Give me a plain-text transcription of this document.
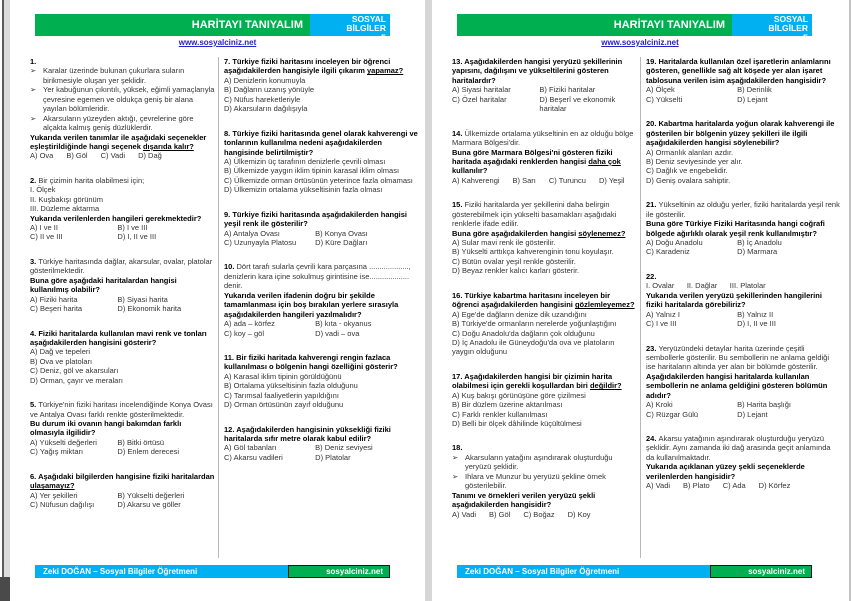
HARİTAYI TANIYALIM	SOSYAL BİLGİLER
5
www.sosyalciniz.net
1.
➢ Karalar üzerinde bulunan çukurlara suların birikmesiyle oluşan yer şeklidir.
➢ Yer kabuğunun çıkıntılı, yüksek, eğimli yamaçlarıyla çevresine egemen ve oldukça geniş bir alana yayılan bölümleridir.
➢ Akarsuların yüzeyden aktığı, çevrelerine göre alçakta kalmış geniş düzlüklerdir.
Yukarıda verilen tanımlar ile aşağıdaki seçenekler eşleştirildiğinde hangi seçenek dışarıda kalır?
A) Ova B) Göl C) Vadi D) Dağ
2. Bir çizimin harita olabilmesi için;
I. Ölçek
II. Kuşbakışı görünüm
III. Düzleme aktarma
Yukarıda verilenlerden hangileri gerekmektedir?
A) I ve II	B) I ve III
C) II ve III	D) I, II ve III
3. Türkiye haritasında dağlar, akarsular, ovalar, platolar gösterilmektedir.
Buna göre aşağıdaki haritalardan hangisi kullanılmış olabilir?
A) Fiziki harita	B) Siyasi harita
C) Beşeri harita	D) Ekonomik harita
4. Fiziki haritalarda kullanılan mavi renk ve tonları aşağıdakilerden hangisini gösterir?
A) Dağ ve tepeleri
B) Ova ve platoları
C) Deniz, göl ve akarsuları
D) Orman, çayır ve meraları
5. Türkiye'nin fiziki haritası incelendiğinde Konya Ovası ve Antalya Ovası farklı renkte gösterilmektedir.
Bu durum iki ovanın hangi bakımdan farklı olmasıyla ilgilidir?
A) Yükselti değerleri	B) Bitki örtüsü
C) Yağış miktarı	D) Enlem derecesi
6. Aşağıdaki bilgilerden hangisine fiziki haritalardan ulaşamayız?
A) Yer şekilleri	B) Yükselti değerleri
C) Nüfusun dağılışı	D) Akarsu ve göller
7. Türkiye fiziki haritasını inceleyen bir öğrenci aşağıdakilerden hangisiyle ilgili çıkarım yapamaz?
A) Denizlerin konumuyla
B) Dağların uzanış yönüyle
C) Nüfus hareketleriyle
D) Akarsuların dağılışıyla
8. Türkiye fiziki haritasında genel olarak kahverengi ve tonlarının kullanılma nedeni aşağıdakilerden hangisinde belirtilmiştir?
A) Ülkemizin üç tarafının denizlerle çevrili olması
B) Ülkemizde yaygın iklim tipinin karasal iklim olması
C) Ülkemizde orman örtüsünün yeterince fazla olmaması
D) Ülkemizin ortalama yükseltisinin fazla olması
9. Türkiye fiziki haritasında aşağıdakilerden hangisi yeşil renk ile gösterilir?
A) Antalya Ovası	B) Konya Ovası
C) Uzunyayla Platosu	D) Küre Dağları
10. Dört tarafı sularla çevrili kara parçasına ..................., denizlerin kara içine sokulmuş girintisine ise................... denir.
Yukarıda verilen ifadenin doğru bir şekilde tamamlanması için boş bırakılan yerlere sırasıyla aşağıdakilerden hangileri yazılmalıdır?
A) ada – körfez	B) kıta - okyanus
C) koy – göl	D) vadi – ova
11. Bir fiziki haritada kahverengi rengin fazlaca kullanılması o bölgenin hangi özelliğini gösterir?
A) Karasal iklim tipinin görüldüğünü
B) Ortalama yükseltisinin fazla olduğunu
C) Tarımsal faaliyetlerin yapıldığını
D) Orman örtüsünün zayıf olduğunu
12. Aşağıdakilerden hangisinin yüksekliği fiziki haritalarda sıfır metre olarak kabul edilir?
A) Göl tabanları	B) Deniz seviyesi
C) Akarsu vadileri	D) Platolar
Zeki DOĞAN – Sosyal Bilgiler Öğretmeni	sosyalciniz.net
HARİTAYI TANIYALIM	SOSYAL BİLGİLER
5
www.sosyalciniz.net
13. Aşağıdakilerden hangisi yeryüzü şekillerinin yapısını, dağılışını ve yükseltilerini gösteren haritalardır?
A) Siyasi haritalar	B) Fiziki haritalar
C) Özel haritalar	D) Beşerî ve ekonomik haritalar
14. Ülkemizde ortalama yükseltinin en az olduğu bölge Marmara Bölgesi'dir.
Buna göre Marmara Bölgesi'ni gösteren fiziki haritada aşağıdaki renklerden hangisi daha çok kullanılır?
A) Kahverengi B) Sarı C) Turuncu D) Yeşil
15. Fiziki haritalarda yer şekillerini daha belirgin gösterebilmek için yükselti basamakları aşağıdaki renklerle ifade edilir.
Buna göre aşağıdakilerden hangisi söylenemez?
A) Sular mavi renk ile gösterilir.
B) Yükselti arttıkça kahverenginin tonu koyulaşır.
C) Bütün ovalar yeşil renkle gösterilir.
D) Beyaz renkler kalıcı karları gösterir.
16. Türkiye kabartma haritasını inceleyen bir öğrenci aşağıdakilerden hangisini gözlemleyemez?
A) Ege'de dağların denize dik uzandığını
B) Türkiye'de ormanların nerelerde yoğunlaştığını
C) Doğu Anadolu'da dağların çok olduğunu
D) İç Anadolu ile Güneydoğu'da ova ve platoların yaygın olduğunu
17. Aşağıdakilerden hangisi bir çizimin harita olabilmesi için gerekli koşullardan biri değildir?
A) Kuş bakışı görünüşüne göre çizilmesi
B) Bir düzlem üzerine aktarılması
C) Farklı renkler kullanılması
D) Belli bir ölçek dâhilinde küçültülmesi
18.
➢ Akarsuların yatağını aşındırarak oluşturduğu yeryüzü şeklidir.
➢ Ihlara ve Munzur bu yeryüzü şekline örnek gösterilebilir.
Tanımı ve örnekleri verilen yeryüzü şekli aşağıdakilerden hangisidir?
A) Vadi B) Göl C) Boğaz D) Koy
19. Haritalarda kullanılan özel işaretlerin anlamlarını gösteren, genellikle sağ alt köşede yer alan işaret tablosuna verilen isim aşağıdakilerden hangisidir?
A) Ölçek	B) Derinlik
C) Yükselti	D) Lejant
20. Kabartma haritalarda yoğun olarak kahverengi ile gösterilen bir bölgenin yüzey şekilleri ile ilgili aşağıdakilerden hangisi söylenebilir?
A) Ormanlık alanları azdır.
B) Deniz seviyesinde yer alır.
C) Dağlık ve engebelidir.
D) Geniş ovalara sahiptir.
21. Yükseltinin az olduğu yerler, fiziki haritalarda yeşil renk ile gösterilir.
Buna göre Türkiye Fiziki Haritasında hangi coğrafi bölgede ağırlıklı olarak yeşil renk kullanılmıştır?
A) Doğu Anadolu	B) İç Anadolu
C) Karadeniz	D) Marmara
22.
I. Ovalar      II. Dağlar      III. Platolar
Yukarıda verilen yeryüzü şekillerinden hangilerini fiziki haritalarda görebiliriz?
A) Yalnız I	B) Yalnız II
C) I ve III	D) I, II ve III
23. Yeryüzündeki detaylar harita üzerinde çeşitli sembollerle gösterilir. Bu sembollerin ne anlama geldiği ise haritaların altında yer alan bir bölümde gösterilir.
Aşağıdakilerden hangisi haritalarda kullanılan sembollerin ne anlama geldiğini gösteren bölümün adıdır?
A) Kroki	B) Harita başlığı
C) Rüzgar Gülü	D) Lejant
24. Akarsu yatağının aşındırarak oluşturduğu yeryüzü şeklidir. Aynı zamanda iki dağ arasında geçit anlamında da kullanılmaktadır.
Yukarıda açıklanan yüzey şekli seçeneklerde verilenlerden hangisidir?
A) Vadi B) Plato C) Ada D) Körfez
Zeki DOĞAN – Sosyal Bilgiler Öğretmeni	sosyalciniz.net
